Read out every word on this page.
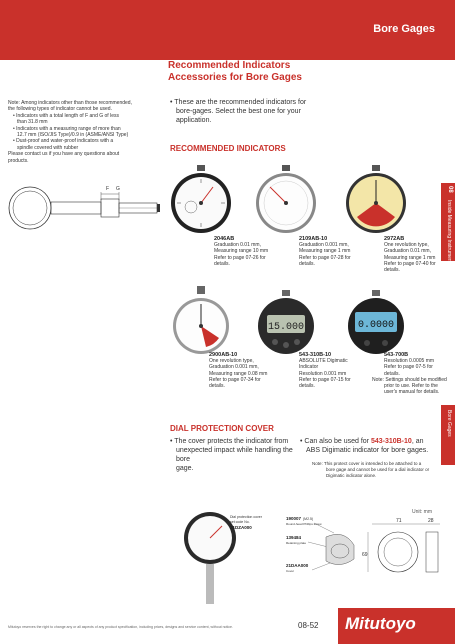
Bore Gages
Recommended Indicators
Accessories for Bore Gages
Note: Among indicators other than those recommended,
the following types of indicator cannot be used.
• Indicators with a total length of F and G of less
than 31.8 mm
• Indicators with a measuring range of more than
12.7 mm (ISO/JIS Type)/0.9 in (ASME/ANSI Type)
• Dust-proof and water-proof indicators with a
spindle covered with rubber
Please contact us if you have any questions about
products.
• These are the recommended indicators for
bore-gages. Select the best one for your
application.
RECOMMENDED INDICATORS
F G
2046AB
Graduation 0.01 mm,
Measuring range 10 mm
Refer to page 07-26 for
details.
2109AB-10
Graduation 0.001 mm,
Measuring range 1 mm
Refer to page 07-28 for
details.
2972AB
One revolution type,
Graduation 0.01 mm,
Measuring range 1 mm
Refer to page 07-40 for
details.
2900AB-10
One revolution type,
Graduation 0.001 mm,
Measuring range 0.08 mm
Refer to page 07-34 for
details.
15.000
543-310B-10
ABSOLUTE Digimatic
Indicator
Resolution 0.001 mm
Refer to page 07-15 for
details.
0.0000
543-700B
Resolution 0.0005 mm
Refer to page 07-5 for
details.
Note: Settings should be modified
prior to use. Refer to the
user's manual for details.
08
Inside Measuring Instruments
Bore Gages
DIAL PROTECTION COVER
• The cover protects the indicator from
unexpected impact while handling the bore
gage.
• Can also be used for 543-310B-10, an
ABS Digimatic indicator for bore gages.
Note: This protect cover is intended to be attached to a
bore gage and cannot be used for a dial indicator or
Digimatic indicator alone.
Unit: mm
Dial protection cover
set code No.
21DZA000
190007 (M2.5)
Round-head Phillips screw
139484
Retaining plate
21DAA000
Cover
71	28
69
Mitutoyo reserves the right to change any or all aspects of any product specification, including prices, designs and service content, without notice.	08-52 Mitutoyo
